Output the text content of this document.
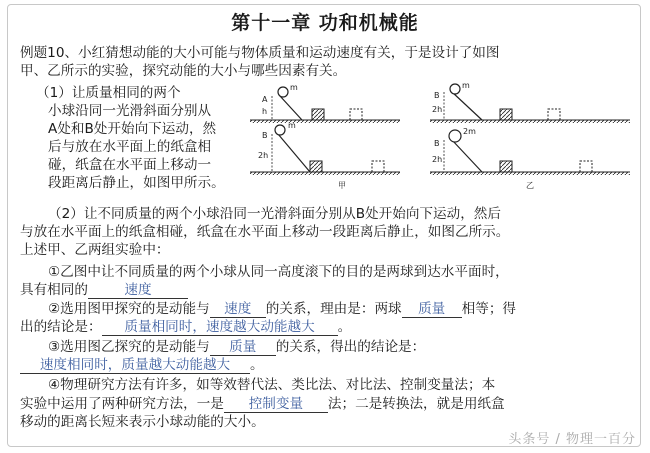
第十一章 功和机械能
例题10、小红猜想动能的大小可能与物体质量和运动速度有关，于是设计了如图
甲、乙所示的实验，探究动能的大小与哪些因素有关。
（1）让质量相同的两个
小球沿同一光滑斜面分别从
A处和B处开始向下运动，然
后与放在水平面上的纸盒相
碰，纸盒在水平面上移动一
段距离后静止，如图甲所示。
A
h
m
B
2h
m
甲
B
2h
m
B
2h
2m
乙
（2）让不同质量的两个小球沿同一光滑斜面分别从B处开始向下运动，然后
与放在水平面上的纸盒相碰，纸盒在水平面上移动一段距离后静止，如图乙所示。
上述甲、乙两组实验中：
①乙图中让不同质量的两个小球从同一高度滚下的目的是两球到达水平面时，
具有相同的	速度
②选用图甲探究的是动能与 速度 的关系，理由是：两球 质量 相等；得
出的结论是： 质量相同时，速度越大动能越大 。
③选用图乙探究的是动能与 质量 的关系，得出的结论是：
速度相同时，质量越大动能越大 。
④物理研究方法有许多，如等效替代法、类比法、对比法、控制变量法；本
实验中运用了两种研究方法，一是 控制变量 法；二是转换法，就是用纸盒
移动的距离长短来表示小球动能的大小。
头条号 / 物理一百分
